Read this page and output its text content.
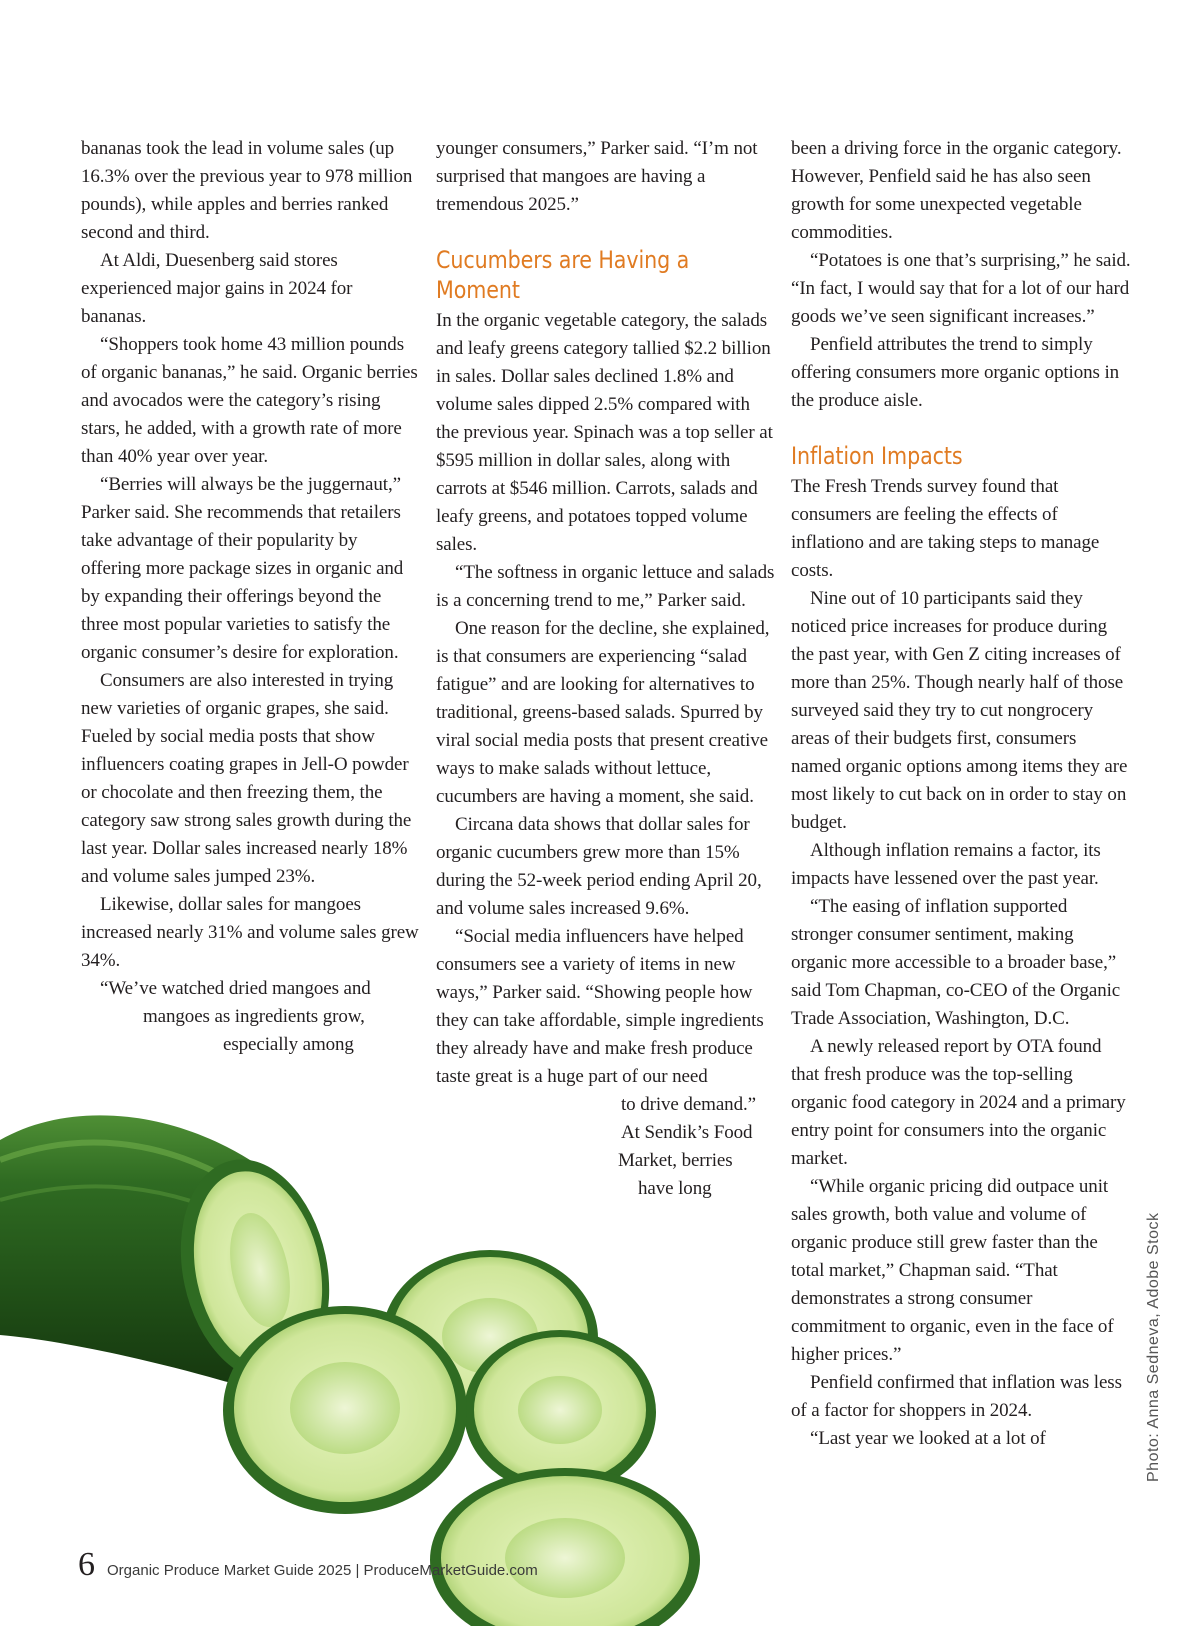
bananas took the lead in volume sales (up 16.3% over the previous year to 978 million pounds), while apples and berries ranked second and third.

At Aldi, Duesenberg said stores experienced major gains in 2024 for bananas.

“Shoppers took home 43 million pounds of organic bananas,” he said. Organic berries and avocados were the category’s rising stars, he added, with a growth rate of more than 40% year over year.

“Berries will always be the juggernaut,” Parker said. She recommends that retailers take advantage of their popularity by offering more package sizes in organic and by expanding their offerings beyond the three most popular varieties to satisfy the organic consumer’s desire for exploration.

Consumers are also interested in trying new varieties of organic grapes, she said. Fueled by social media posts that show influencers coating grapes in Jell-O powder or chocolate and then freezing them, the category saw strong sales growth during the last year. Dollar sales increased nearly 18% and volume sales jumped 23%.

Likewise, dollar sales for mangoes increased nearly 31% and volume sales grew 34%.

“We’ve watched dried mangoes and

mangoes as ingredients grow,

especially among

younger consumers,” Parker said. “I’m not surprised that mangoes are having a tremendous 2025.”

Cucumbers are Having a Moment

In the organic vegetable category, the salads and leafy greens category tallied $2.2 billion in sales. Dollar sales declined 1.8% and volume sales dipped 2.5% compared with the previous year. Spinach was a top seller at $595 million in dollar sales, along with carrots at $546 million. Carrots, salads and leafy greens, and potatoes topped volume sales.

“The softness in organic lettuce and salads is a concerning trend to me,” Parker said.

One reason for the decline, she explained, is that consumers are experiencing “salad fatigue” and are looking for alternatives to traditional, greens-based salads. Spurred by viral social media posts that present creative ways to make salads without lettuce, cucumbers are having a moment, she said.

Circana data shows that dollar sales for organic cucumbers grew more than 15% during the 52-week period ending April 20, and volume sales increased 9.6%.

“Social media influencers have helped consumers see a variety of items in new ways,” Parker said. “Showing people how they can take affordable, simple ingredients they already have and make fresh produce taste great is a huge part of our need

to drive demand.”

At Sendik’s Food

Market, berries

have long

been a driving force in the organic category. However, Penfield said he has also seen growth for some unexpected vegetable commodities.

“Potatoes is one that’s surprising,” he said. “In fact, I would say that for a lot of our hard goods we’ve seen significant increases.”

Penfield attributes the trend to simply offering consumers more organic options in the produce aisle.

Inflation Impacts

The Fresh Trends survey found that consumers are feeling the effects of inflationo and are taking steps to manage costs.

Nine out of 10 participants said they noticed price increases for produce during the past year, with Gen Z citing increases of more than 25%. Though nearly half of those surveyed said they try to cut nongrocery areas of their budgets first, consumers named organic options among items they are most likely to cut back on in order to stay on budget.

Although inflation remains a factor, its impacts have lessened over the past year.

“The easing of inflation supported stronger consumer sentiment, making organic more accessible to a broader base,” said Tom Chapman, co-CEO of the Organic Trade Association, Washington, D.C.

A newly released report by OTA found that fresh produce was the top-selling organic food category in 2024 and a primary entry point for consumers into the organic market.

“While organic pricing did outpace unit sales growth, both value and volume of organic produce still grew faster than the total market,” Chapman said. “That demonstrates a strong consumer commitment to organic, even in the face of higher prices.”

Penfield confirmed that inflation was less of a factor for shoppers in 2024.

“Last year we looked at a lot of

6 Organic Produce Market Guide 2025 | ProduceMarketGuide.com
Photo: Anna Sedneva, Adobe Stock
